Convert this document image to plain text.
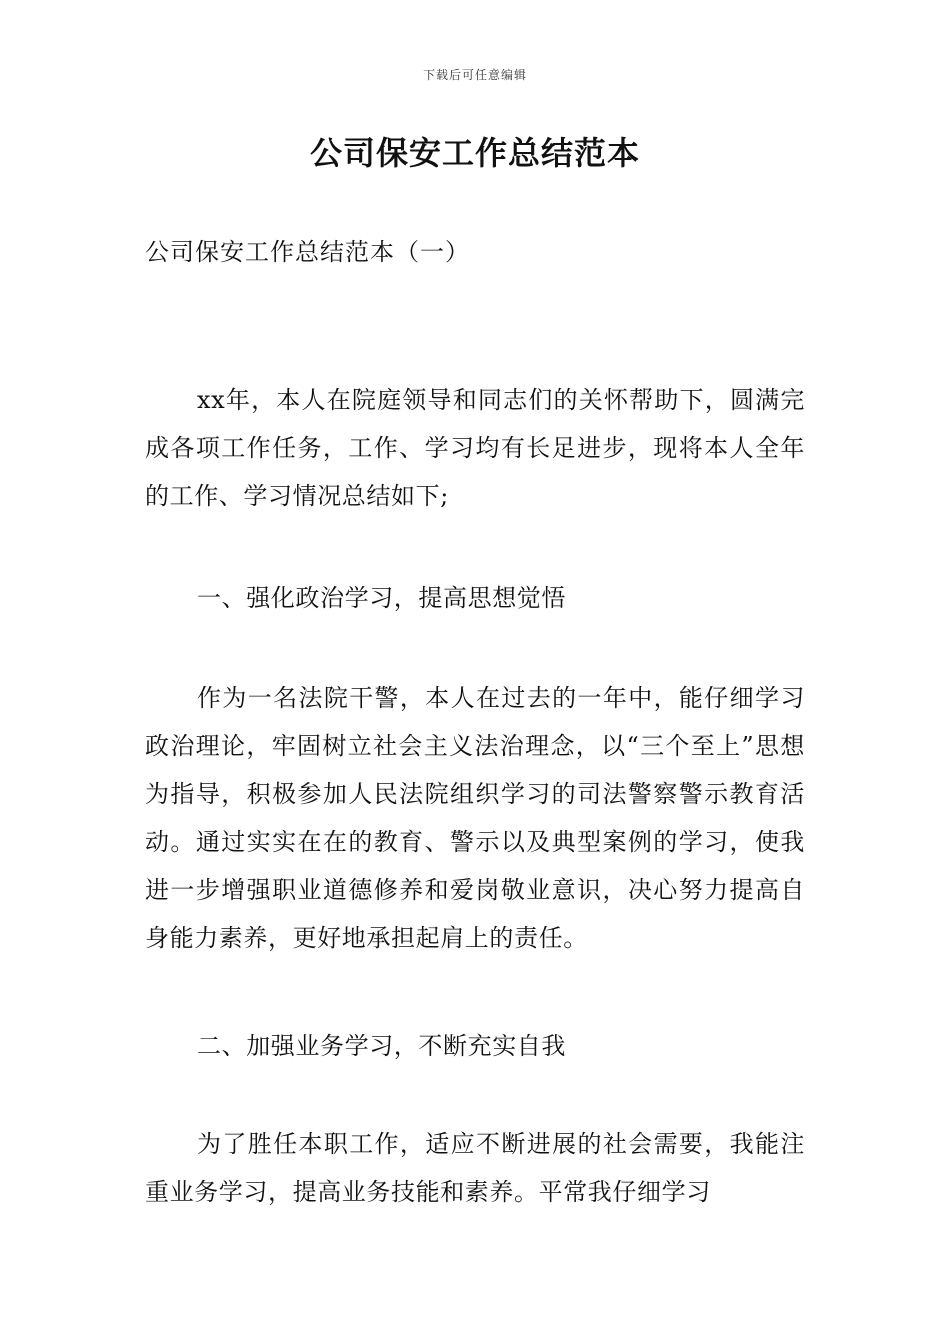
下载后可任意编辑
公司保安工作总结范本

公司保安工作总结范本（一）

xx年，本人在院庭领导和同志们的关怀帮助下，圆满完成各项工作任务，工作、学习均有长足进步，现将本人全年的工作、学习情况总结如下;

一、强化政治学习，提高思想觉悟

作为一名法院干警，本人在过去的一年中，能仔细学习政治理论，牢固树立社会主义法治理念，以“三个至上”思想为指导，积极参加人民法院组织学习的司法警察警示教育活动。通过实实在在的教育、警示以及典型案例的学习，使我进一步增强职业道德修养和爱岗敬业意识，决心努力提高自身能力素养，更好地承担起肩上的责任。

二、加强业务学习，不断充实自我

为了胜任本职工作，适应不断进展的社会需要，我能注重业务学习，提高业务技能和素养。平常我仔细学习
